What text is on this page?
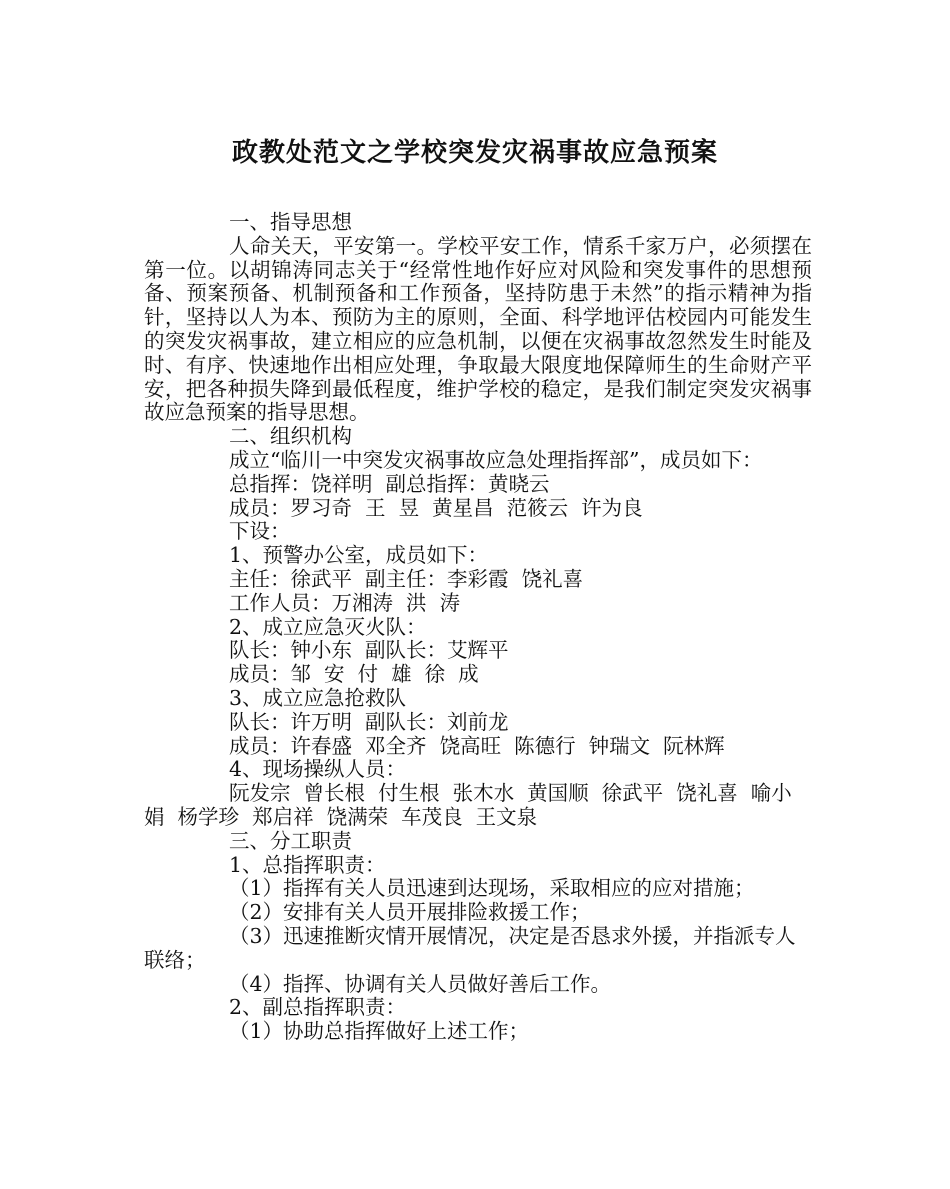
政教处范文之学校突发灾祸事故应急预案

一、指导思想

人命关天，平安第一。学校平安工作，情系千家万户，必须摆在第一位。以胡锦涛同志关于“经常性地作好应对风险和突发事件的思想预备、预案预备、机制预备和工作预备，坚持防患于未然”的指示精神为指针，坚持以人为本、预防为主的原则，全面、科学地评估校园内可能发生的突发灾祸事故，建立相应的应急机制，以便在灾祸事故忽然发生时能及时、有序、快速地作出相应处理，争取最大限度地保障师生的生命财产平安，把各种损失降到最低程度，维护学校的稳定，是我们制定突发灾祸事故应急预案的指导思想。

二、组织机构

成立“临川一中突发灾祸事故应急处理指挥部”，成员如下：

总指挥：饶祥明  副总指挥：黄晓云

成员：罗习奇  王  昱  黄星昌  范筱云  许为良

下设：

1、预警办公室，成员如下：

主任：徐武平  副主任：李彩霞  饶礼喜

工作人员：万湘涛  洪  涛

2、成立应急灭火队：

队长：钟小东  副队长：艾辉平

成员：邹  安  付  雄  徐  成

3、成立应急抢救队

队长：许万明  副队长：刘前龙

成员：许春盛  邓全齐  饶高旺  陈德行  钟瑞文  阮林辉

4、现场操纵人员：

阮发宗  曾长根  付生根  张木水  黄国顺  徐武平  饶礼喜  喻小娟  杨学珍  郑启祥  饶满荣  车茂良  王文泉

三、分工职责

1、总指挥职责：

（1）指挥有关人员迅速到达现场，采取相应的应对措施；

（2）安排有关人员开展排险救援工作；

（3）迅速推断灾情开展情况，决定是否恳求外援，并指派专人联络；

（4）指挥、协调有关人员做好善后工作。

2、副总指挥职责：

（1）协助总指挥做好上述工作；
